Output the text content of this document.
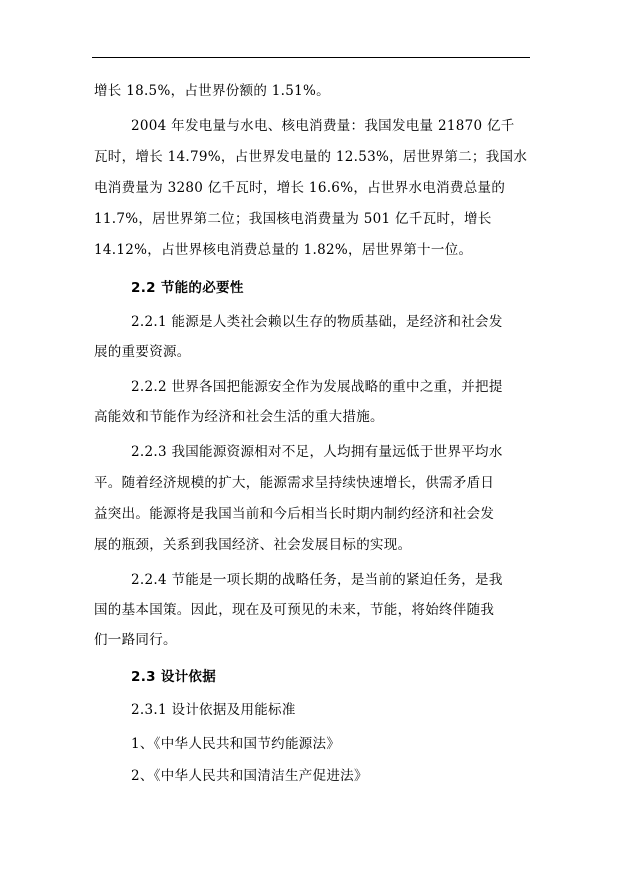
增长 18.5%，占世界份额的 1.51%。
2004 年发电量与水电、核电消费量：我国发电量 21870 亿千
瓦时，增长 14.79%，占世界发电量的 12.53%，居世界第二；我国水
电消费量为 3280 亿千瓦时，增长 16.6%，占世界水电消费总量的
11.7%，居世界第二位；我国核电消费量为 501 亿千瓦时，增长
14.12%，占世界核电消费总量的 1.82%，居世界第十一位。
2.2 节能的必要性
2.2.1 能源是人类社会赖以生存的物质基础，是经济和社会发
展的重要资源。
2.2.2 世界各国把能源安全作为发展战略的重中之重，并把提
高能效和节能作为经济和社会生活的重大措施。
2.2.3 我国能源资源相对不足，人均拥有量远低于世界平均水
平。随着经济规模的扩大，能源需求呈持续快速增长，供需矛盾日
益突出。能源将是我国当前和今后相当长时期内制约经济和社会发
展的瓶颈，关系到我国经济、社会发展目标的实现。
2.2.4 节能是一项长期的战略任务，是当前的紧迫任务，是我
国的基本国策。因此，现在及可预见的未来，节能，将始终伴随我
们一路同行。
2.3 设计依据
2.3.1 设计依据及用能标准
1、《中华人民共和国节约能源法》
2、《中华人民共和国清洁生产促进法》
